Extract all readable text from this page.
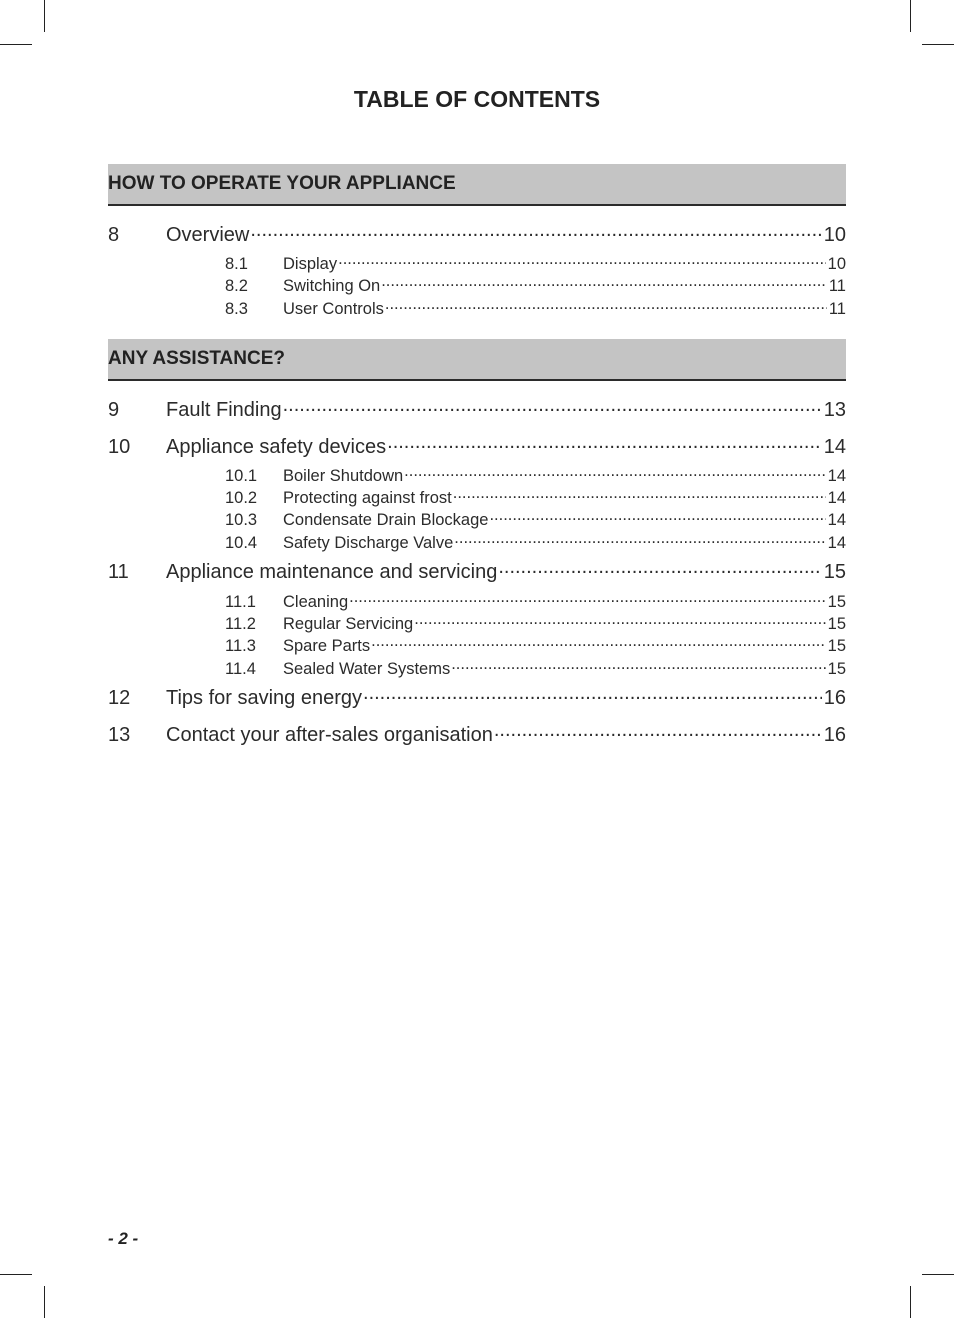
TABLE OF CONTENTS
HOW TO OPERATE YOUR APPLIANCE
8	Overview .....	10
8.1	Display .....	10
8.2	Switching On .....	11
8.3	User Controls .....	11
ANY ASSISTANCE?
9	Fault Finding .....	13
10	Appliance safety devices .....	14
10.1	Boiler Shutdown .....	14
10.2	Protecting against frost .....	14
10.3	Condensate Drain Blockage .....	14
10.4	Safety Discharge Valve .....	14
11	Appliance maintenance and servicing .....	15
11.1	Cleaning .....	15
11.2	Regular Servicing .....	15
11.3	Spare Parts .....	15
11.4	Sealed Water Systems .....	15
12	Tips for saving energy .....	16
13	Contact your after-sales organisation .....	16
- 2 -
